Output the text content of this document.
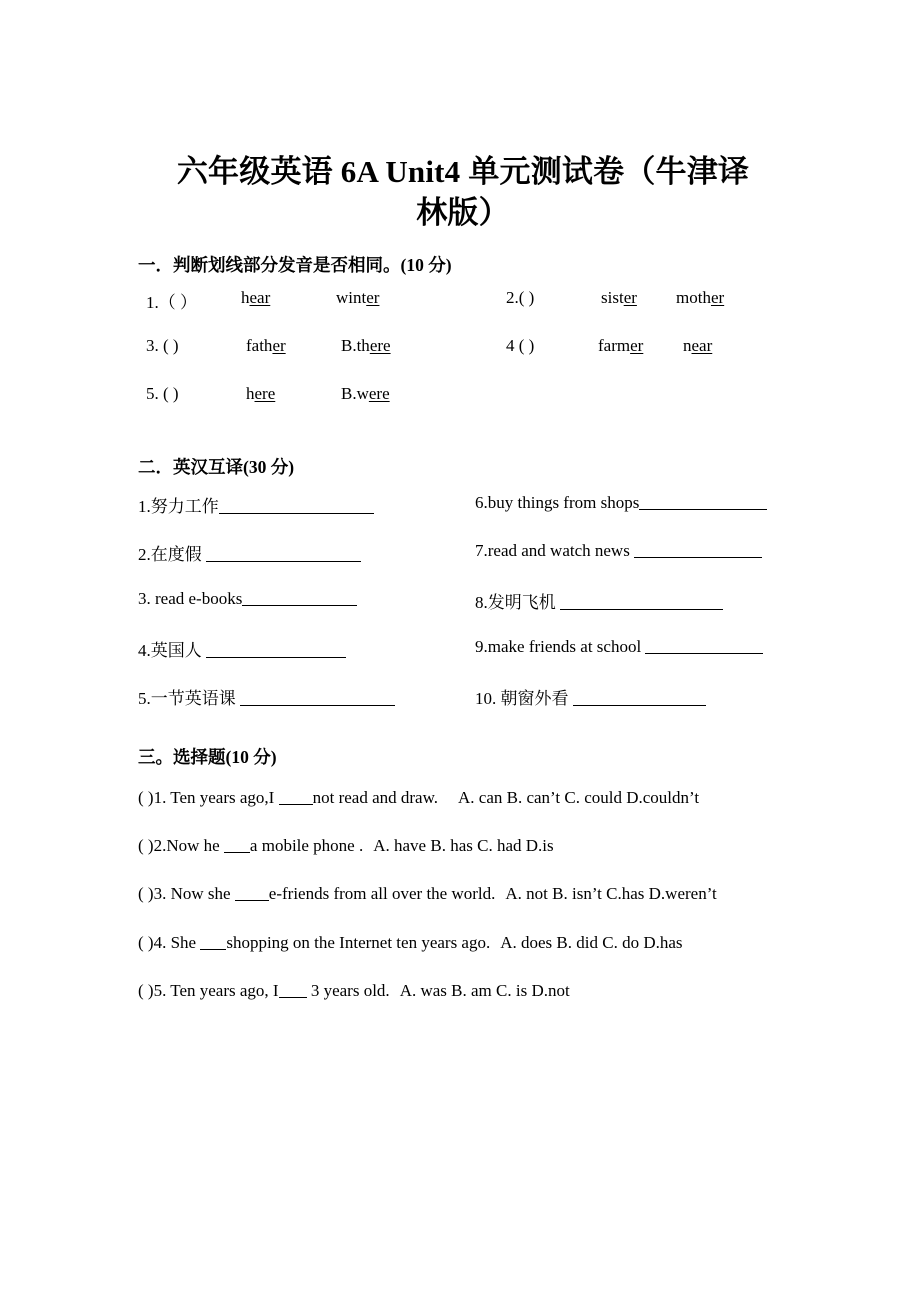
六年级英语 6A Unit4 单元测试卷（牛津译
林版）
一．判断划线部分发音是否相同。(10 分)
1.（ ）	hear	winter	2.( )	sister mother
3. ( )	father	B.there	4 ( )	farmer near
5. ( )	here	B.were
二．英汉互译(30 分)
1.努力工作	6.buy things from shops
2.在度假	7.read and watch news
3. read e-books	8.发明飞机
4.英国人	9.make friends at school
5.一节英语课	10. 朝窗外看
三。选择题(10 分)
( )1. Ten years ago,I not read and draw. A. can B. can’t C. could D.couldn’t
( )2.Now he a mobile phone . A. have B. has C. had D.is
( )3. Now she e-friends from all over the world. A. not B. isn’t C.has D.weren’t
( )4. She shopping on the Internet ten years ago. A. does B. did C. do D.has
( )5. Ten years ago, I 3 years old. A. was B. am C. is D.not
